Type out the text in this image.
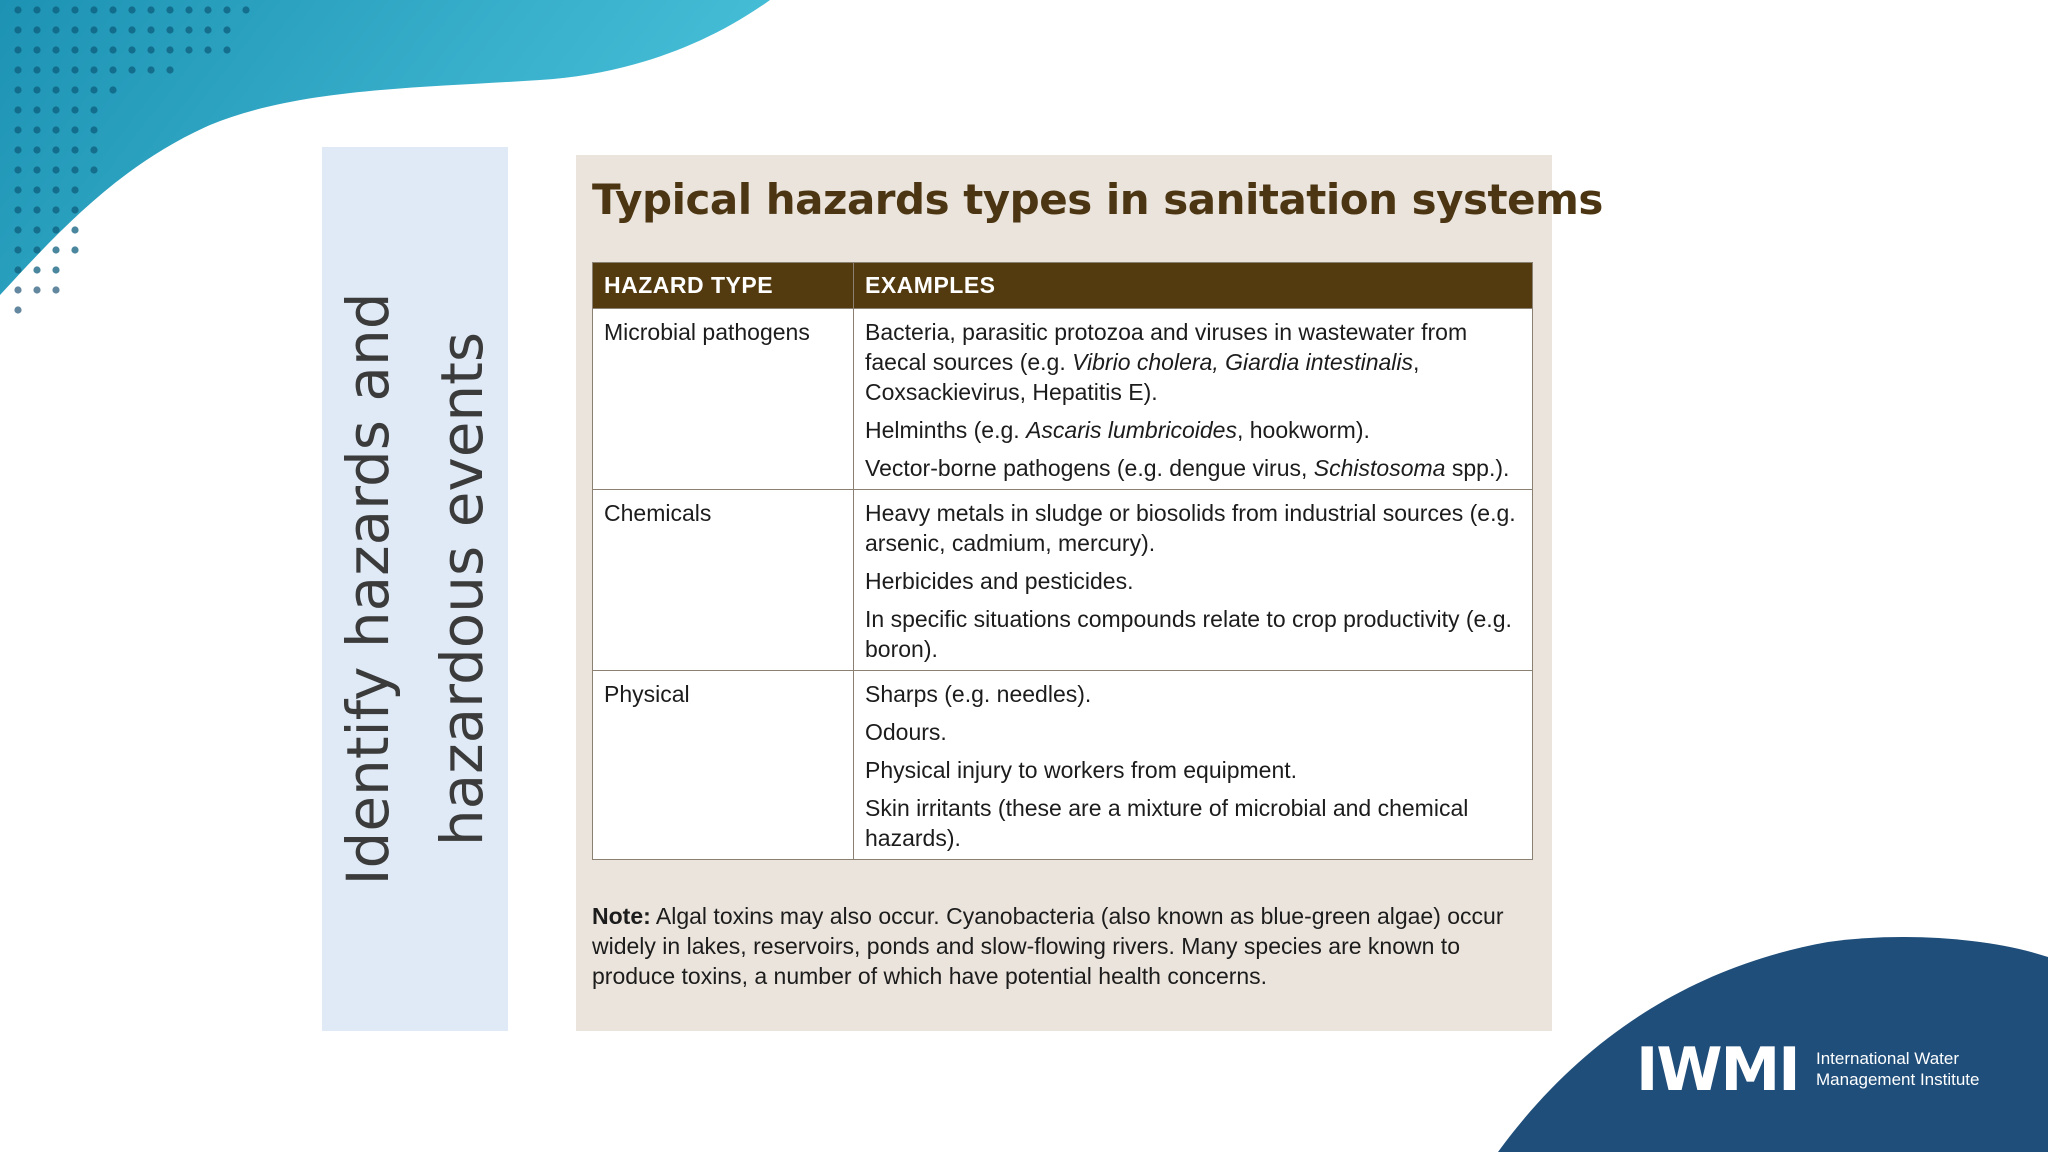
Identify hazards and hazardous events

Typical hazards types in sanitation systems
HAZARD TYPE	EXAMPLES
Microbial pathogens	Bacteria, parasitic protozoa and viruses in wastewater from faecal sources (e.g. Vibrio cholera, Giardia intestinalis, Coxsackievirus, Hepatitis E).

Helminths (e.g. Ascaris lumbricoides, hookworm).

Vector-borne pathogens (e.g. dengue virus, Schistosoma spp.).

Chemicals	Heavy metals in sludge or biosolids from industrial sources (e.g. arsenic, cadmium, mercury).

Herbicides and pesticides.

In specific situations compounds relate to crop productivity (e.g. boron).

Physical	Sharps (e.g. needles).

Odours.

Physical injury to workers from equipment.

Skin irritants (these are a mixture of microbial and chemical hazards).

Note: Algal toxins may also occur. Cyanobacteria (also known as blue-green algae) occur widely in lakes, reservoirs, ponds and slow-flowing rivers. Many species are known to produce toxins, a number of which have potential health concerns.

IWMI International Water
Management Institute
